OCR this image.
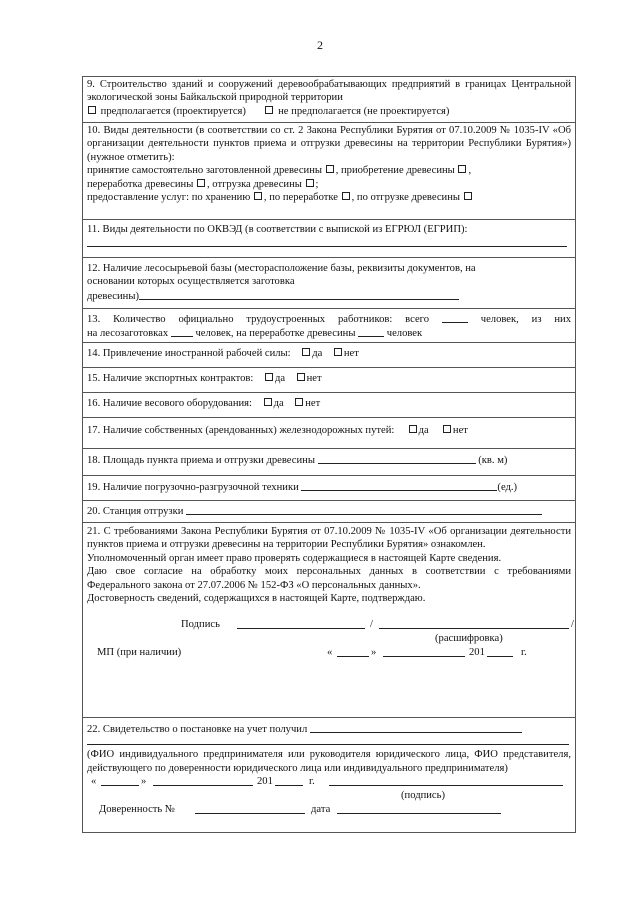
2
9. Строительство зданий и сооружений деревообрабатывающих предприятий в границах Центральной экологической зоны Байкальской природной территории
предполагается (проектируется)	не предполагается (не проектируется)
10. Виды деятельности (в соответствии со ст. 2 Закона Республики Бурятия от 07.10.2009 № 1035-IV «Об организации деятельности пунктов приема и отгрузки древесины на территории Республики Бурятия») (нужное отметить):
принятие самостоятельно заготовленной древесины , приобретение древесины ,
переработка древесины , отгрузка древесины ;
предоставление услуг: по хранению , по переработке , по отгрузке древесины
11. Виды деятельности по ОКВЭД (в соответствии с выпиской из ЕГРЮЛ (ЕГРИП):
12. Наличие лесосырьевой базы (месторасположение базы, реквизиты документов, на
основании которых осуществляется заготовка
древесины)
13. Количество официально трудоустроенных работников: всего	человек, из них
на лесозаготовках	человек, на переработке древесины	человек
14. Привлечение иностранной рабочей силы: да нет
15. Наличие экспортных контрактов: да нет
16. Наличие весового оборудования: да нет
17. Наличие собственных (арендованных) железнодорожных путей: да нет
18. Площадь пункта приема и отгрузки древесины	(кв. м)
19. Наличие погрузочно-разгрузочной техники	(ед.)
20. Станция отгрузки
21. С требованиями Закона Республики Бурятия от 07.10.2009 № 1035-IV «Об организации деятельности пунктов приема и отгрузки древесины на территории Республики Бурятия» ознакомлен.
Уполномоченный орган имеет право проверять содержащиеся в настоящей Карте сведения.
Даю свое согласие на обработку моих персональных данных в соответствии с требованиями Федерального закона от 27.07.2006 № 152-ФЗ «О персональных данных».
Достоверность сведений, содержащихся в настоящей Карте, подтверждаю.
Подпись	/	/
(расшифровка)
МП (при наличии)	«	»	201	г.
22. Свидетельство о постановке на учет получил
(ФИО индивидуального предпринимателя или руководителя юридического лица, ФИО представителя, действующего по доверенности юридического лица или индивидуального предпринимателя)
«	»	201	г.
(подпись)
Доверенность №	дата
